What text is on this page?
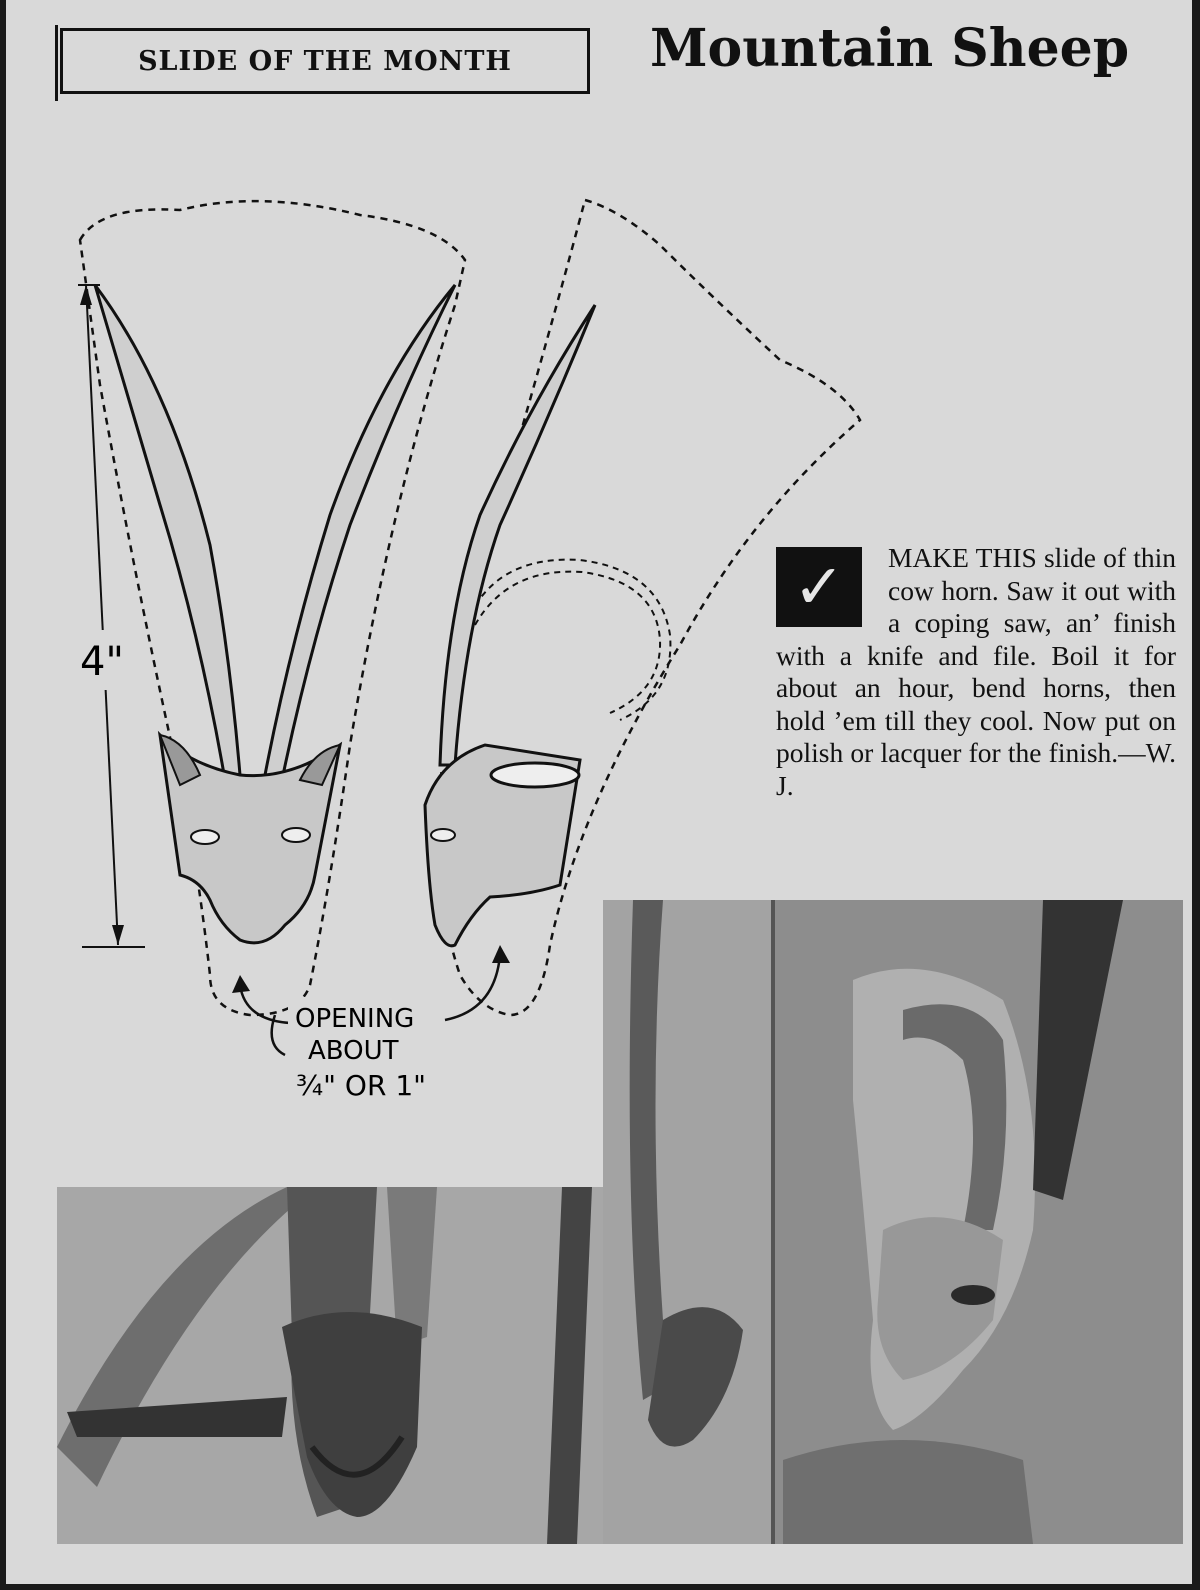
SLIDE OF THE MONTH	Mountain Sheep
4"
OPENING
ABOUT
¾" OR 1"
✓	MAKE THIS slide of thin cow horn. Saw it out with a coping saw, an’ finish with a knife and file. Boil it for about an hour, bend horns, then hold ’em till they cool. Now put on polish or lacquer for the finish.—W. J.
